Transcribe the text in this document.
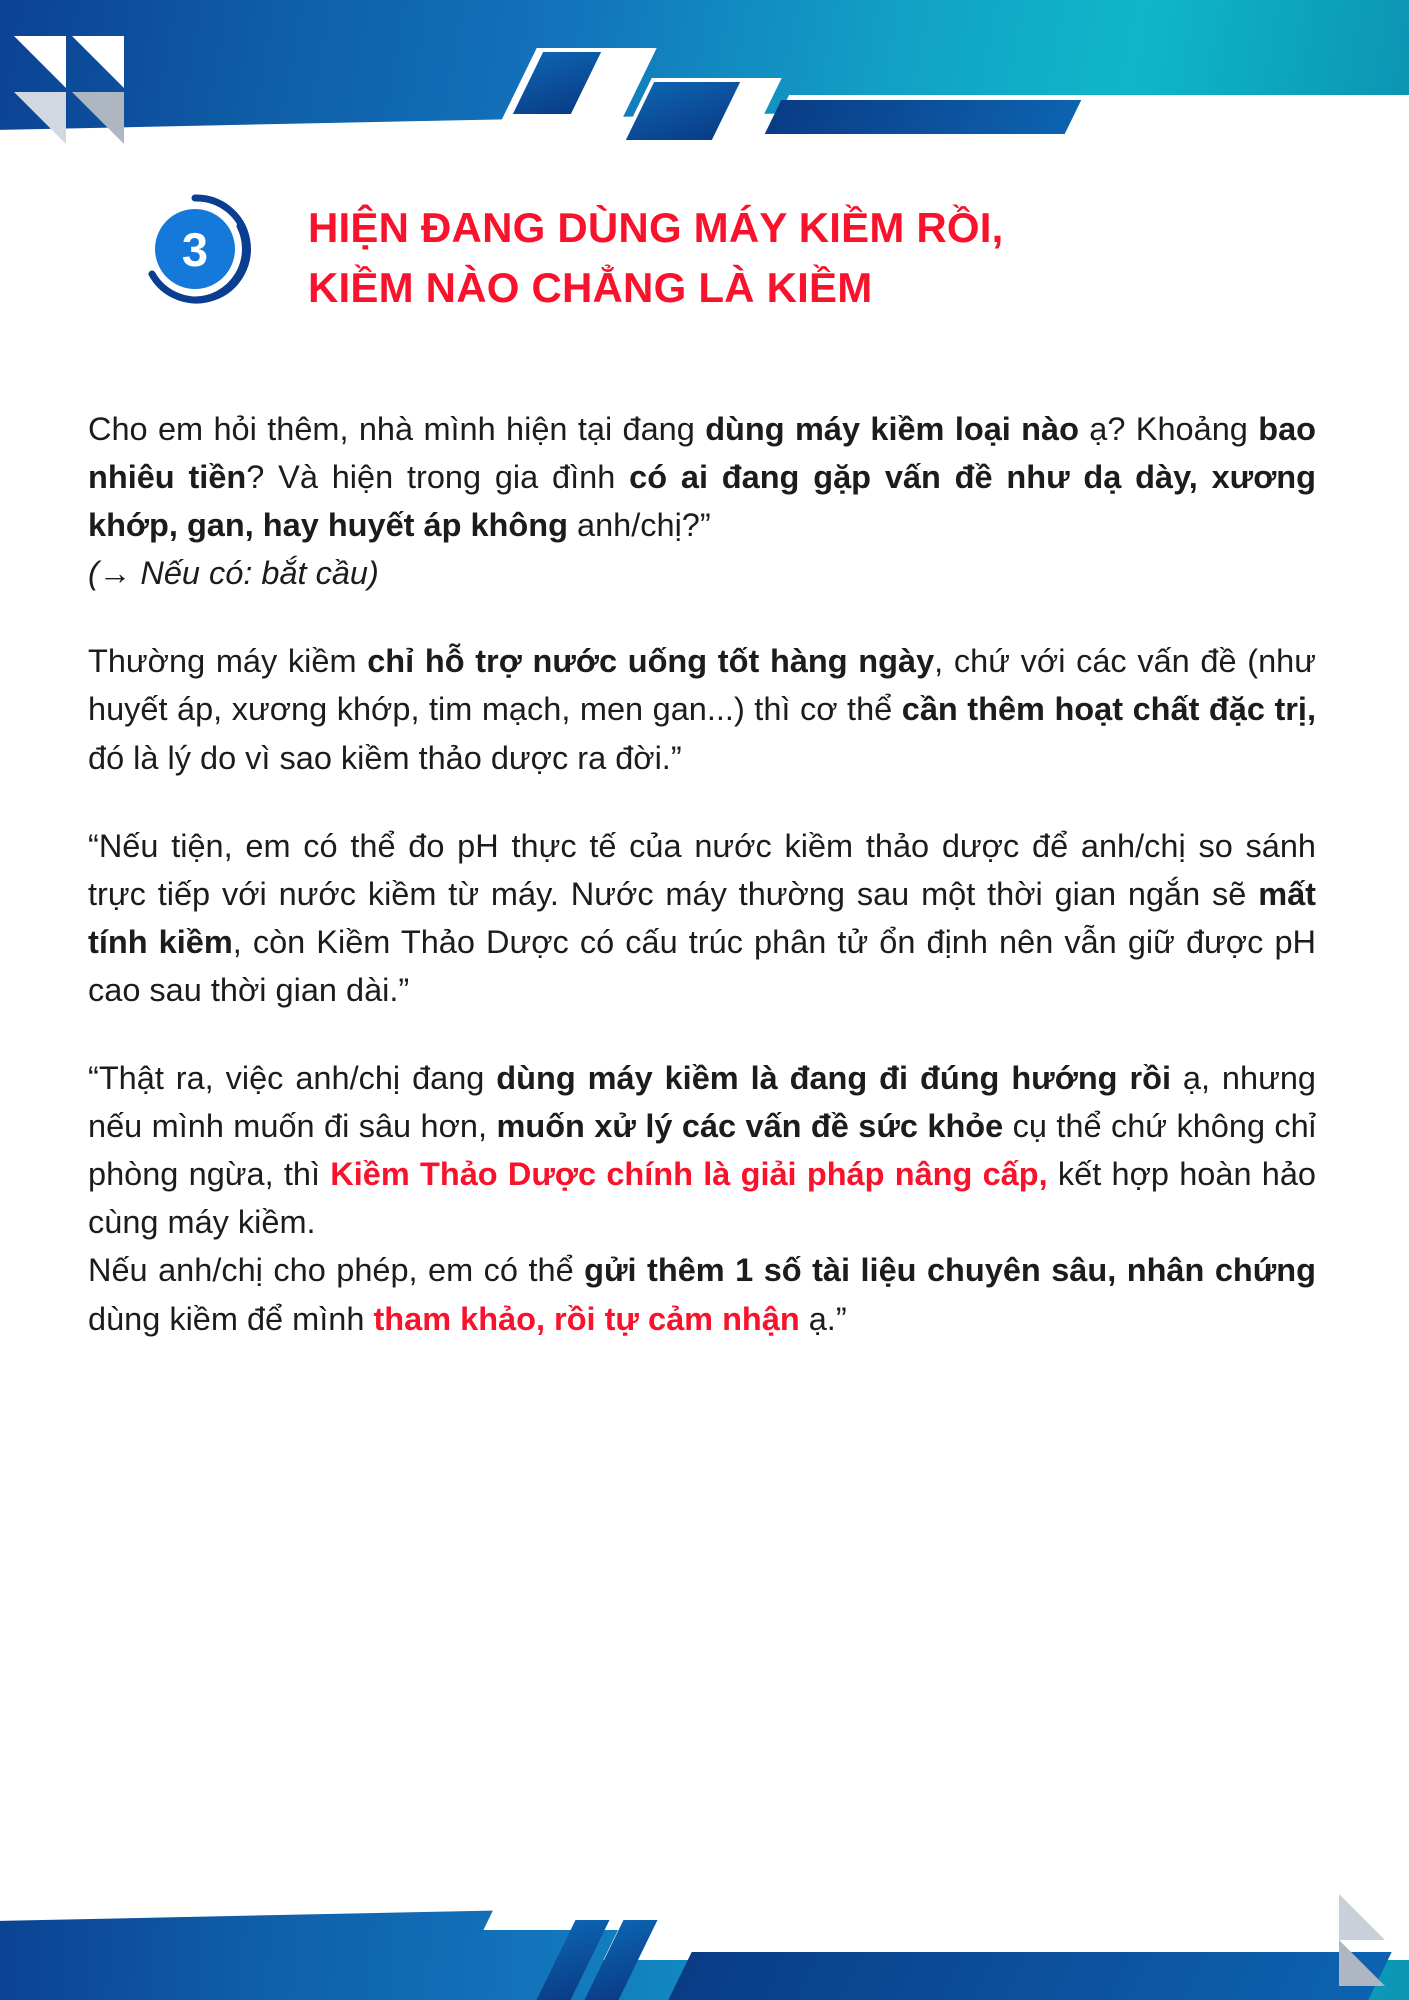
3	HIỆN ĐANG DÙNG MÁY KIỀM RỒI,
KIỀM NÀO CHẲNG LÀ KIỀM

Cho em hỏi thêm, nhà mình hiện tại đang dùng máy kiềm loại nào ạ? Khoảng bao nhiêu tiền? Và hiện trong gia đình có ai đang gặp vấn đề như dạ dày, xương khớp, gan, hay huyết áp không anh/chị?”

(→ Nếu có: bắt cầu)

Thường máy kiềm chỉ hỗ trợ nước uống tốt hàng ngày, chứ với các vấn đề (như huyết áp, xương khớp, tim mạch, men gan...) thì cơ thể cần thêm hoạt chất đặc trị, đó là lý do vì sao kiềm thảo dược ra đời.”

“Nếu tiện, em có thể đo pH thực tế của nước kiềm thảo dược để anh/chị so sánh trực tiếp với nước kiềm từ máy. Nước máy thường sau một thời gian ngắn sẽ mất tính kiềm, còn Kiềm Thảo Dược có cấu trúc phân tử ổn định nên vẫn giữ được pH cao sau thời gian dài.”

“Thật ra, việc anh/chị đang dùng máy kiềm là đang đi đúng hướng rồi ạ, nhưng nếu mình muốn đi sâu hơn, muốn xử lý các vấn đề sức khỏe cụ thể chứ không chỉ phòng ngừa, thì Kiềm Thảo Dược chính là giải pháp nâng cấp, kết hợp hoàn hảo cùng máy kiềm.

Nếu anh/chị cho phép, em có thể gửi thêm 1 số tài liệu chuyên sâu, nhân chứng dùng kiềm để mình tham khảo, rồi tự cảm nhận ạ.”
